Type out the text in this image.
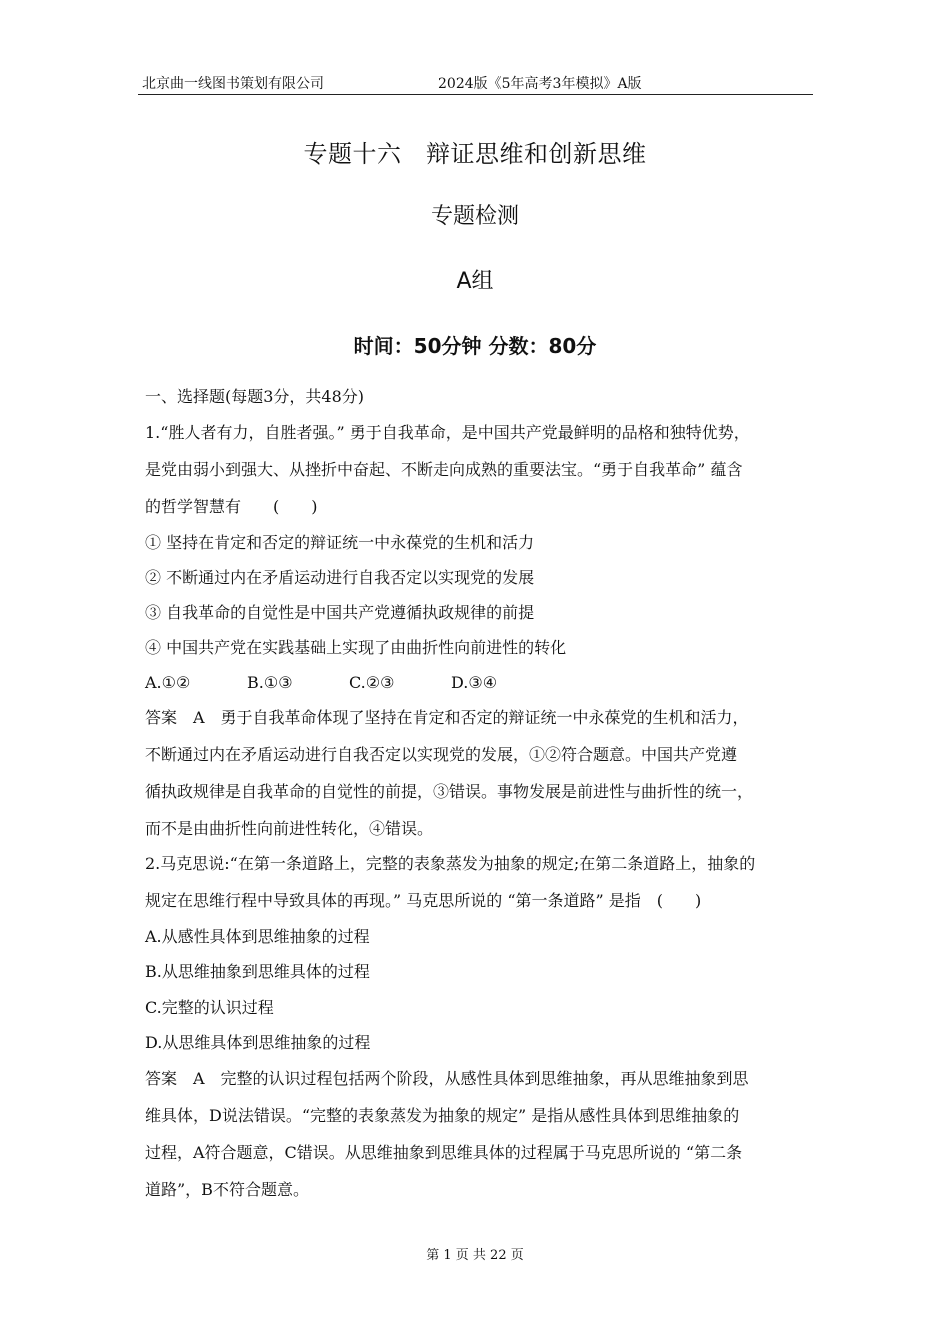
北京曲一线图书策划有限公司	2024版《5年高考3年模拟》A版
专题十六　辩证思维和创新思维
专题检测
A组
时间：50分钟 分数：80分
一、选择题(每题3分，共48分)
1.“胜人者有力，自胜者强。” 勇于自我革命，是中国共产党最鲜明的品格和独特优势，
是党由弱小到强大、从挫折中奋起、不断走向成熟的重要法宝。“勇于自我革命” 蕴含
的哲学智慧有　　(　　)
① 坚持在肯定和否定的辩证统一中永葆党的生机和活力
② 不断通过内在矛盾运动进行自我否定以实现党的发展
③ 自我革命的自觉性是中国共产党遵循执政规律的前提
④ 中国共产党在实践基础上实现了由曲折性向前进性的转化
A.①②	B.①③	C.②③	D.③④
答案　A　勇于自我革命体现了坚持在肯定和否定的辩证统一中永葆党的生机和活力，
不断通过内在矛盾运动进行自我否定以实现党的发展，①②符合题意。中国共产党遵
循执政规律是自我革命的自觉性的前提，③错误。事物发展是前进性与曲折性的统一，
而不是由曲折性向前进性转化，④错误。
2.马克思说:“在第一条道路上，完整的表象蒸发为抽象的规定;在第二条道路上，抽象的
规定在思维行程中导致具体的再现。” 马克思所说的 “第一条道路” 是指　(　　)
A.从感性具体到思维抽象的过程
B.从思维抽象到思维具体的过程
C.完整的认识过程
D.从思维具体到思维抽象的过程
答案　A　完整的认识过程包括两个阶段，从感性具体到思维抽象，再从思维抽象到思
维具体，D说法错误。“完整的表象蒸发为抽象的规定” 是指从感性具体到思维抽象的
过程，A符合题意，C错误。从思维抽象到思维具体的过程属于马克思所说的 “第二条
道路”，B不符合题意。
第 1 页 共 22 页
